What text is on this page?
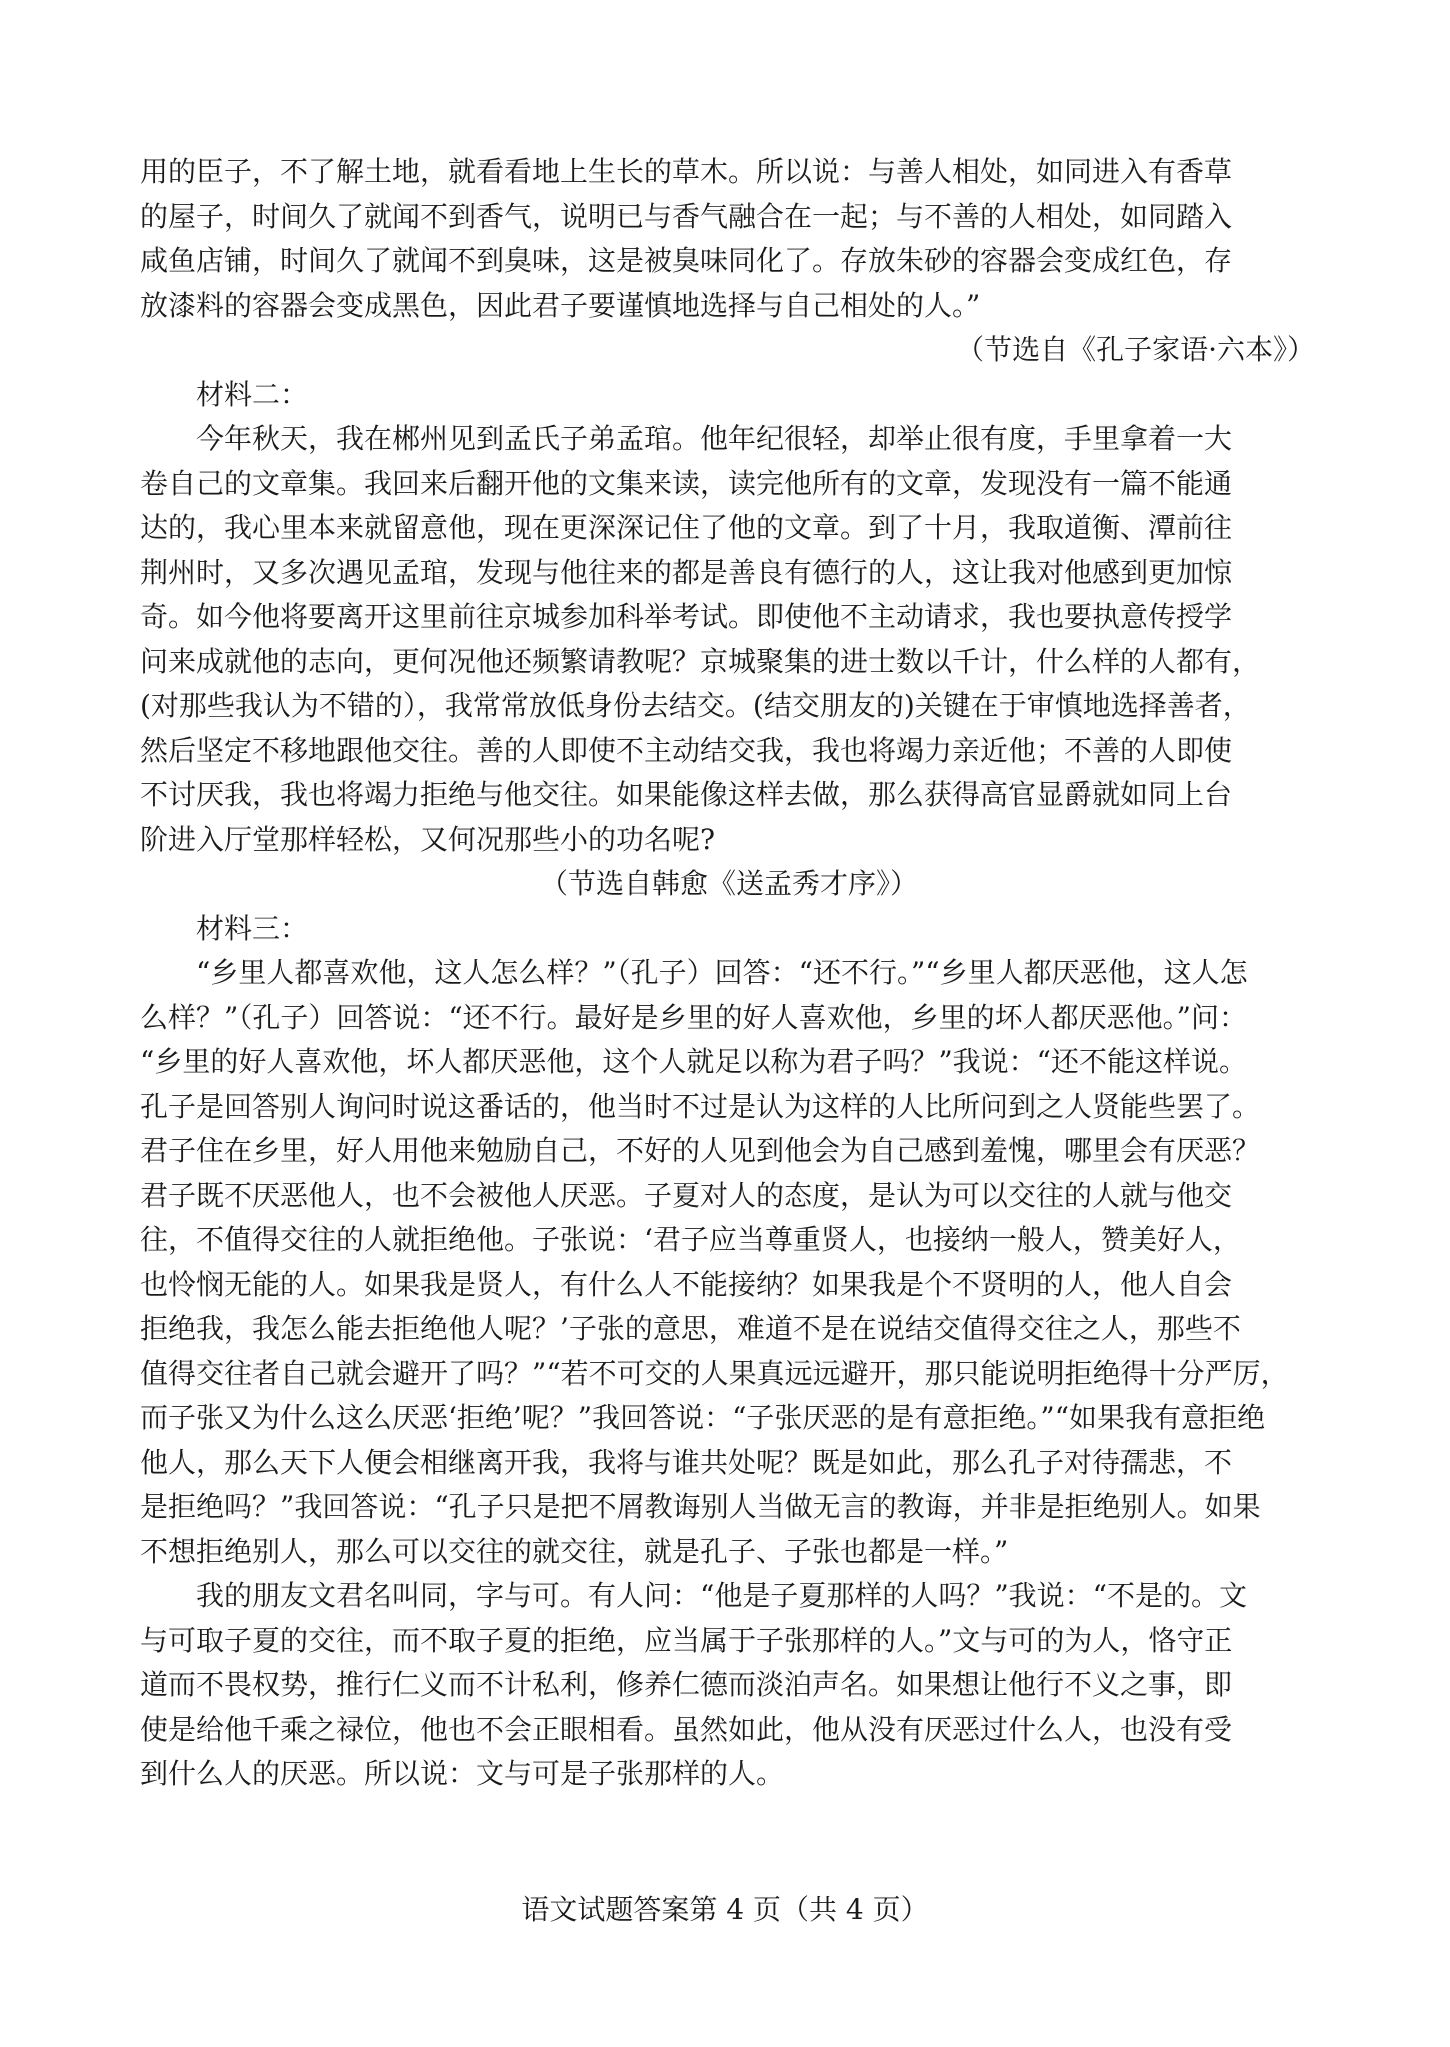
用的臣子，不了解土地，就看看地上生长的草木。所以说：与善人相处，如同进入有香草
的屋子，时间久了就闻不到香气，说明已与香气融合在一起；与不善的人相处，如同踏入
咸鱼店铺，时间久了就闻不到臭味，这是被臭味同化了。存放朱砂的容器会变成红色，存
放漆料的容器会变成黑色，因此君子要谨慎地选择与自己相处的人。”
（节选自《孔子家语·六本》）
材料二：
　　今年秋天，我在郴州见到孟氏子弟孟琯。他年纪很轻，却举止很有度，手里拿着一大
卷自己的文章集。我回来后翻开他的文集来读，读完他所有的文章，发现没有一篇不能通
达的，我心里本来就留意他，现在更深深记住了他的文章。到了十月，我取道衡、潭前往
荆州时，又多次遇见孟琯，发现与他往来的都是善良有德行的人，这让我对他感到更加惊
奇。如今他将要离开这里前往京城参加科举考试。即使他不主动请求，我也要执意传授学
问来成就他的志向，更何况他还频繁请教呢？京城聚集的进士数以千计，什么样的人都有，
(对那些我认为不错的），我常常放低身份去结交。(结交朋友的)关键在于审慎地选择善者，
然后坚定不移地跟他交往。善的人即使不主动结交我，我也将竭力亲近他；不善的人即使
不讨厌我，我也将竭力拒绝与他交往。如果能像这样去做，那么获得高官显爵就如同上台
阶进入厅堂那样轻松，又何况那些小的功名呢?
（节选自韩愈《送孟秀才序》）
材料三：
　　“乡里人都喜欢他，这人怎么样？”（孔子）回答：“还不行。”“乡里人都厌恶他，这人怎
么样？”（孔子）回答说：“还不行。最好是乡里的好人喜欢他，乡里的坏人都厌恶他。”问：
“乡里的好人喜欢他，坏人都厌恶他，这个人就足以称为君子吗？”我说：“还不能这样说。
孔子是回答别人询问时说这番话的，他当时不过是认为这样的人比所问到之人贤能些罢了。
君子住在乡里，好人用他来勉励自己，不好的人见到他会为自己感到羞愧，哪里会有厌恶？
君子既不厌恶他人，也不会被他人厌恶。子夏对人的态度，是认为可以交往的人就与他交
往，不值得交往的人就拒绝他。子张说：‘君子应当尊重贤人，也接纳一般人，赞美好人，
也怜悯无能的人。如果我是贤人，有什么人不能接纳？如果我是个不贤明的人，他人自会
拒绝我，我怎么能去拒绝他人呢？’子张的意思，难道不是在说结交值得交往之人，那些不
值得交往者自己就会避开了吗？”“若不可交的人果真远远避开，那只能说明拒绝得十分严厉，
而子张又为什么这么厌恶‘拒绝’呢？”我回答说：“子张厌恶的是有意拒绝。”“如果我有意拒绝
他人，那么天下人便会相继离开我，我将与谁共处呢？既是如此，那么孔子对待孺悲，不
是拒绝吗？”我回答说：“孔子只是把不屑教诲别人当做无言的教诲，并非是拒绝别人。如果
不想拒绝别人，那么可以交往的就交往，就是孔子、子张也都是一样。”
　　我的朋友文君名叫同，字与可。有人问：“他是子夏那样的人吗？”我说：“不是的。文
与可取子夏的交往，而不取子夏的拒绝，应当属于子张那样的人。”文与可的为人，恪守正
道而不畏权势，推行仁义而不计私利，修养仁德而淡泊声名。如果想让他行不义之事，即
使是给他千乘之禄位，他也不会正眼相看。虽然如此，他从没有厌恶过什么人，也没有受
到什么人的厌恶。所以说：文与可是子张那样的人。
语文试题答案第 4 页（共 4 页）
